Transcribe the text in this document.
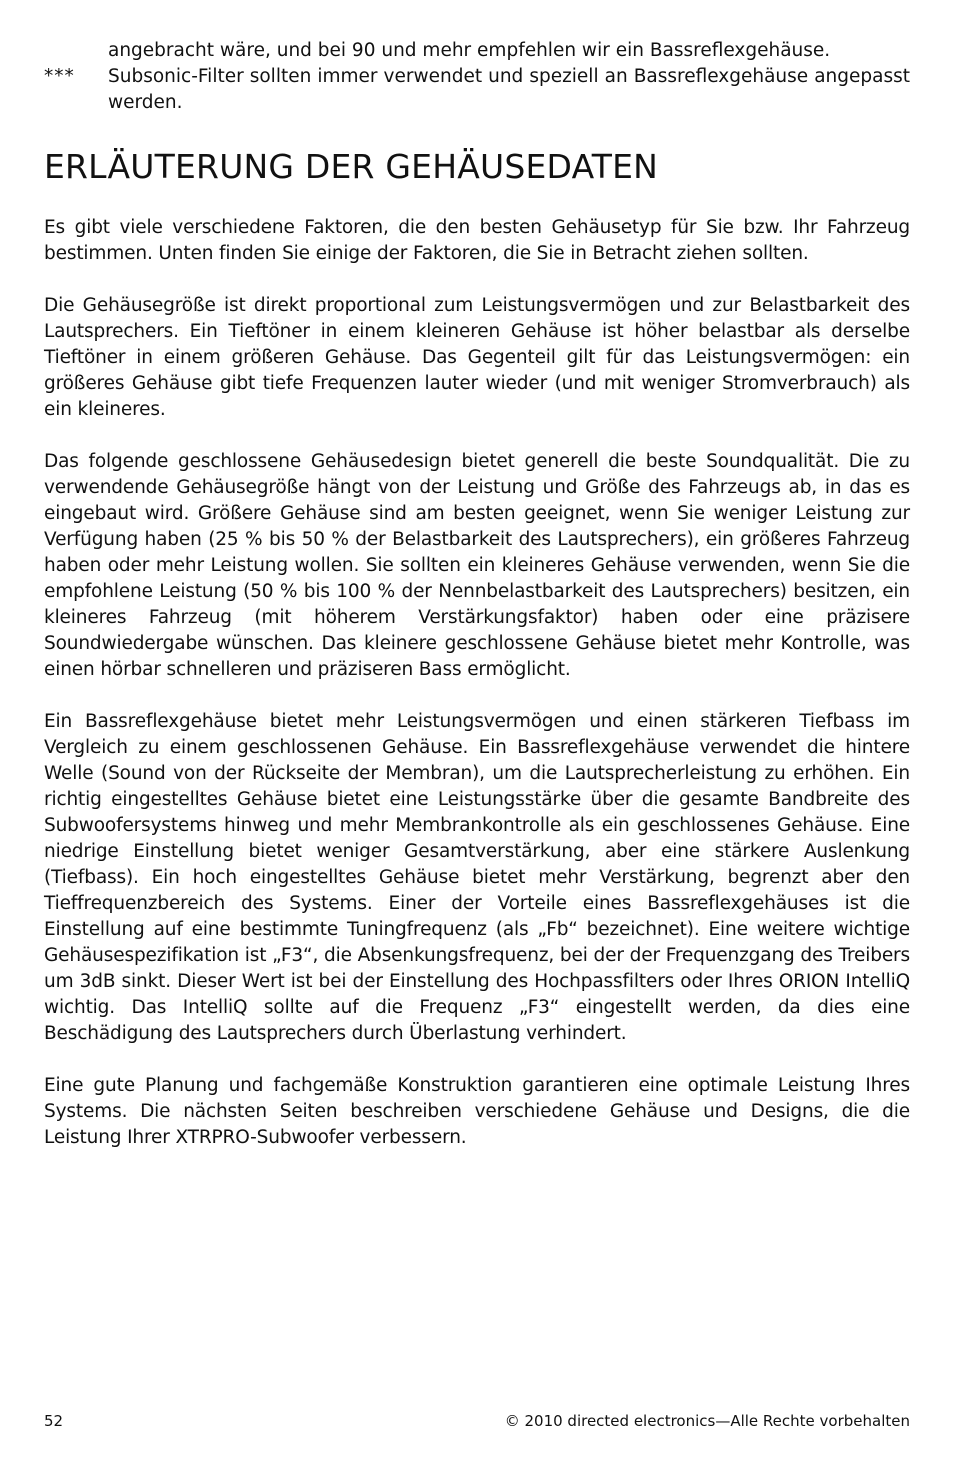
angebracht wäre, und bei 90 und mehr empfehlen wir ein Bassreflexgehäuse.
***	Subsonic-Filter sollten immer verwendet und speziell an Bassreflexgehäuse angepasst werden.
ERLÄUTERUNG DER GEHÄUSEDATEN

Es gibt viele verschiedene Faktoren, die den besten Gehäusetyp für Sie bzw. Ihr Fahrzeug bestimmen. Unten finden Sie einige der Faktoren, die Sie in Betracht ziehen sollten.

Die Gehäusegröße ist direkt proportional zum Leistungsvermögen und zur Belastbarkeit des Lautsprechers. Ein Tieftöner in einem kleineren Gehäuse ist höher belastbar als derselbe Tieftöner in einem größeren Gehäuse. Das Gegenteil gilt für das Leistungsvermögen: ein größeres Gehäuse gibt tiefe Frequenzen lauter wieder (und mit weniger Stromverbrauch) als ein kleineres.

Das folgende geschlossene Gehäusedesign bietet generell die beste Soundqualität. Die zu verwendende Gehäusegröße hängt von der Leistung und Größe des Fahrzeugs ab, in das es eingebaut wird. Größere Gehäuse sind am besten geeignet, wenn Sie weniger Leistung zur Verfügung haben (25 % bis 50 % der Belastbarkeit des Lautsprechers), ein größeres Fahrzeug haben oder mehr Leistung wollen. Sie sollten ein kleineres Gehäuse verwenden, wenn Sie die empfohlene Leistung (50 % bis 100 % der Nennbelastbarkeit des Lautsprechers) besitzen, ein kleineres Fahrzeug (mit höherem Verstärkungsfaktor) haben oder eine präzisere Soundwiedergabe wünschen. Das kleinere geschlossene Gehäuse bietet mehr Kontrolle, was einen hörbar schnelleren und präziseren Bass ermöglicht.

Ein Bassreflexgehäuse bietet mehr Leistungsvermögen und einen stärkeren Tiefbass im Vergleich zu einem geschlossenen Gehäuse. Ein Bassreflexgehäuse verwendet die hintere Welle (Sound von der Rückseite der Membran), um die Lautsprecherleistung zu erhöhen. Ein richtig eingestelltes Gehäuse bietet eine Leistungsstärke über die gesamte Bandbreite des Subwoofersystems hinweg und mehr Membrankontrolle als ein geschlossenes Gehäuse. Eine niedrige Einstellung bietet weniger Gesamtverstärkung, aber eine stärkere Auslenkung (Tiefbass). Ein hoch eingestelltes Gehäuse bietet mehr Verstärkung, begrenzt aber den Tieffrequenzbereich des Systems. Einer der Vorteile eines Bassreflexgehäuses ist die Einstellung auf eine bestimmte Tuningfrequenz (als „Fb“ bezeichnet). Eine weitere wichtige Gehäusespezifikation ist „F3“, die Absenkungsfrequenz, bei der der Frequenzgang des Treibers um 3dB sinkt. Dieser Wert ist bei der Einstellung des Hochpassfilters oder Ihres ORION IntelliQ wichtig. Das IntelliQ sollte auf die Frequenz „F3“ eingestellt werden, da dies eine Beschädigung des Lautsprechers durch Überlastung verhindert.

Eine gute Planung und fachgemäße Konstruktion garantieren eine optimale Leistung Ihres Systems. Die nächsten Seiten beschreiben verschiedene Gehäuse und Designs, die die Leistung Ihrer XTRPRO-Subwoofer verbessern.

52	© 2010 directed electronics—Alle Rechte vorbehalten
